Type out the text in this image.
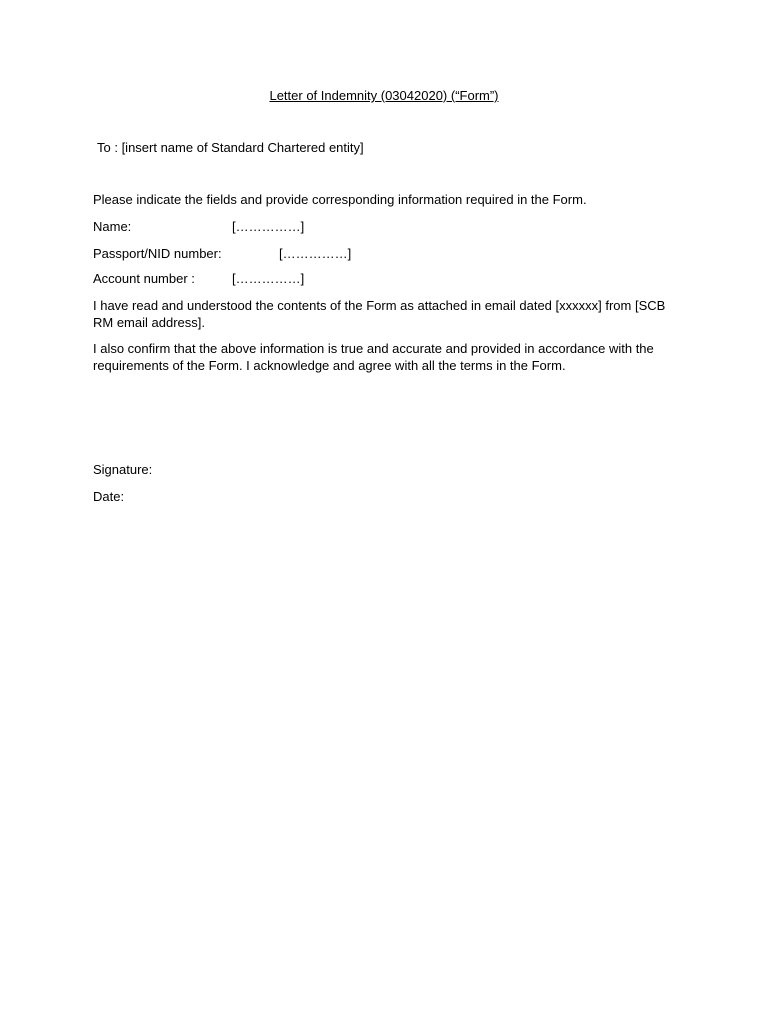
Letter of Indemnity (03042020) (“Form”)
To : [insert name of Standard Chartered entity]
Please indicate the fields and provide corresponding information required in the Form.
Name:	[……………]
Passport/NID number:	[……………]
Account number :	[……………]
I have read and understood the contents of the Form as attached in email dated [xxxxxx] from [SCB RM email address].
I also confirm that the above information is true and accurate and provided in accordance with the requirements of the Form. I acknowledge and agree with all the terms in the Form.
Signature:
Date:
